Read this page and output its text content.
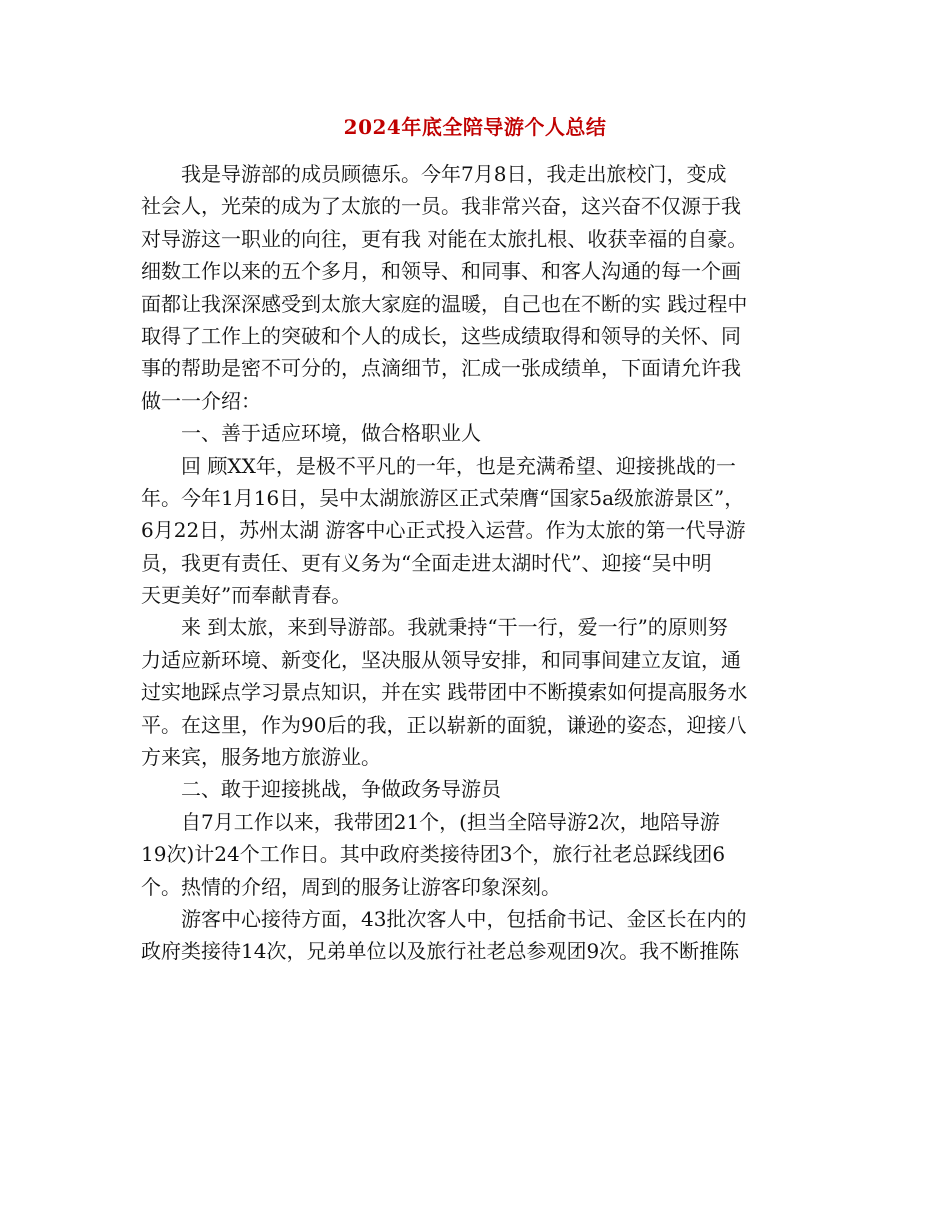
2024年底全陪导游个人总结
我是导游部的成员顾德乐。今年7月8日，我走出旅校门，变成
社会人，光荣的成为了太旅的一员。我非常兴奋，这兴奋不仅源于我
对导游这一职业的向往，更有我 对能在太旅扎根、收获幸福的自豪。
细数工作以来的五个多月，和领导、和同事、和客人沟通的每一个画
面都让我深深感受到太旅大家庭的温暖，自己也在不断的实 践过程中
取得了工作上的突破和个人的成长，这些成绩取得和领导的关怀、同
事的帮助是密不可分的，点滴细节，汇成一张成绩单，下面请允许我
做一一介绍：
一、善于适应环境，做合格职业人
回 顾XX年，是极不平凡的一年，也是充满希望、迎接挑战的一
年。今年1月16日，吴中太湖旅游区正式荣膺“国家5a级旅游景区”，
6月22日，苏州太湖 游客中心正式投入运营。作为太旅的第一代导游
员，我更有责任、更有义务为“全面走进太湖时代”、迎接“吴中明
天更美好”而奉献青春。
来 到太旅，来到导游部。我就秉持“干一行，爱一行”的原则努
力适应新环境、新变化，坚决服从领导安排，和同事间建立友谊，通
过实地踩点学习景点知识，并在实 践带团中不断摸索如何提高服务水
平。在这里，作为90后的我，正以崭新的面貌，谦逊的姿态，迎接八
方来宾，服务地方旅游业。
二、敢于迎接挑战，争做政务导游员
自7月工作以来，我带团21个，(担当全陪导游2次，地陪导游
19次)计24个工作日。其中政府类接待团3个，旅行社老总踩线团6
个。热情的介绍，周到的服务让游客印象深刻。
游客中心接待方面，43批次客人中，包括俞书记、金区长在内的
政府类接待14次，兄弟单位以及旅行社老总参观团9次。我不断推陈
